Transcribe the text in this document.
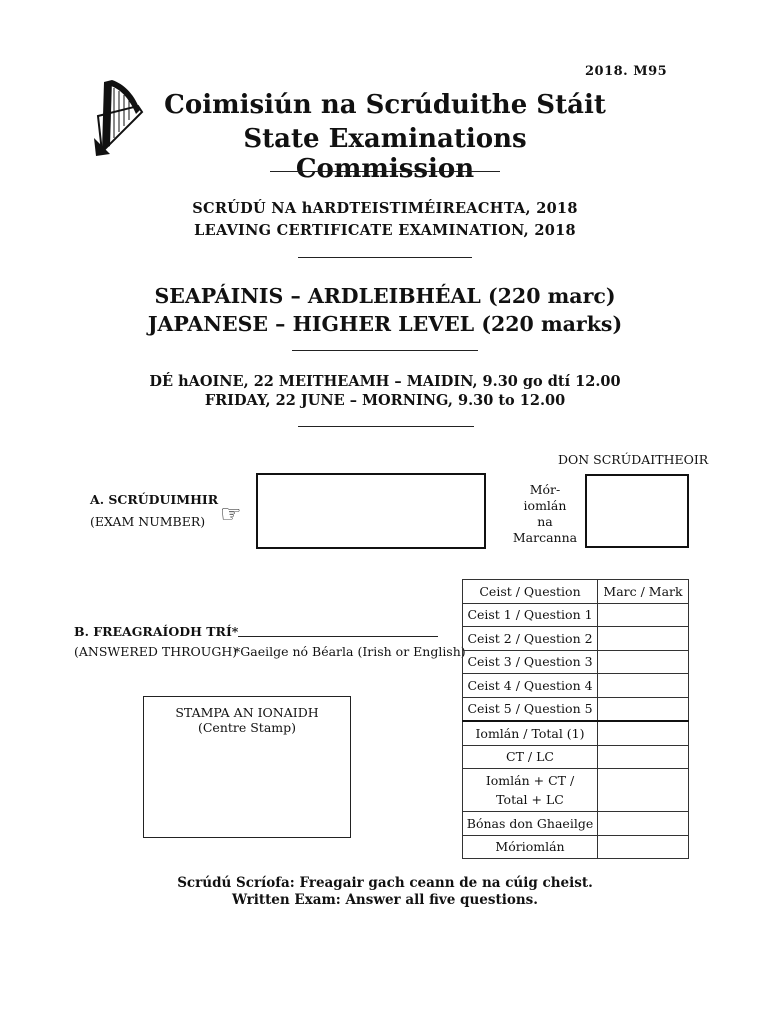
2018. M95
Coimisiún na Scrúduithe Stáit
State Examinations Commission
SCRÚDÚ NA hARDTEISTIMÉIREACHTA, 2018
LEAVING CERTIFICATE EXAMINATION, 2018
SEAPÁINIS – ARDLEIBHÉAL (220 marc)
JAPANESE – HIGHER LEVEL (220 marks)
DÉ hAOINE, 22 MEITHEAMH – MAIDIN, 9.30 go dtí 12.00
FRIDAY, 22 JUNE – MORNING, 9.30 to 12.00
DON SCRÚDAITHEOIR
A. SCRÚDUIMHIR
(EXAM NUMBER) ☞
Mór-
iomlán
na
Marcanna
B. FREAGRAÍODH TRÍ*
(ANSWERED THROUGH)
*Gaeilge nó Béarla (Irish or English)
STAMPA AN IONAIDH
(Centre Stamp)
Ceist / Question	Marc / Mark
Ceist 1 / Question 1	
Ceist 2 / Question 2	
Ceist 3 / Question 3	
Ceist 4 / Question 4	
Ceist 5 / Question 5	
Iomlán / Total (1)	
CT / LC	

Iomlán + CT /
Total + LC	

Bónas don Ghaeilge	
Móriomlán	
Scrúdú Scríofa: Freagair gach ceann de na cúig cheist.
Written Exam: Answer all five questions.
